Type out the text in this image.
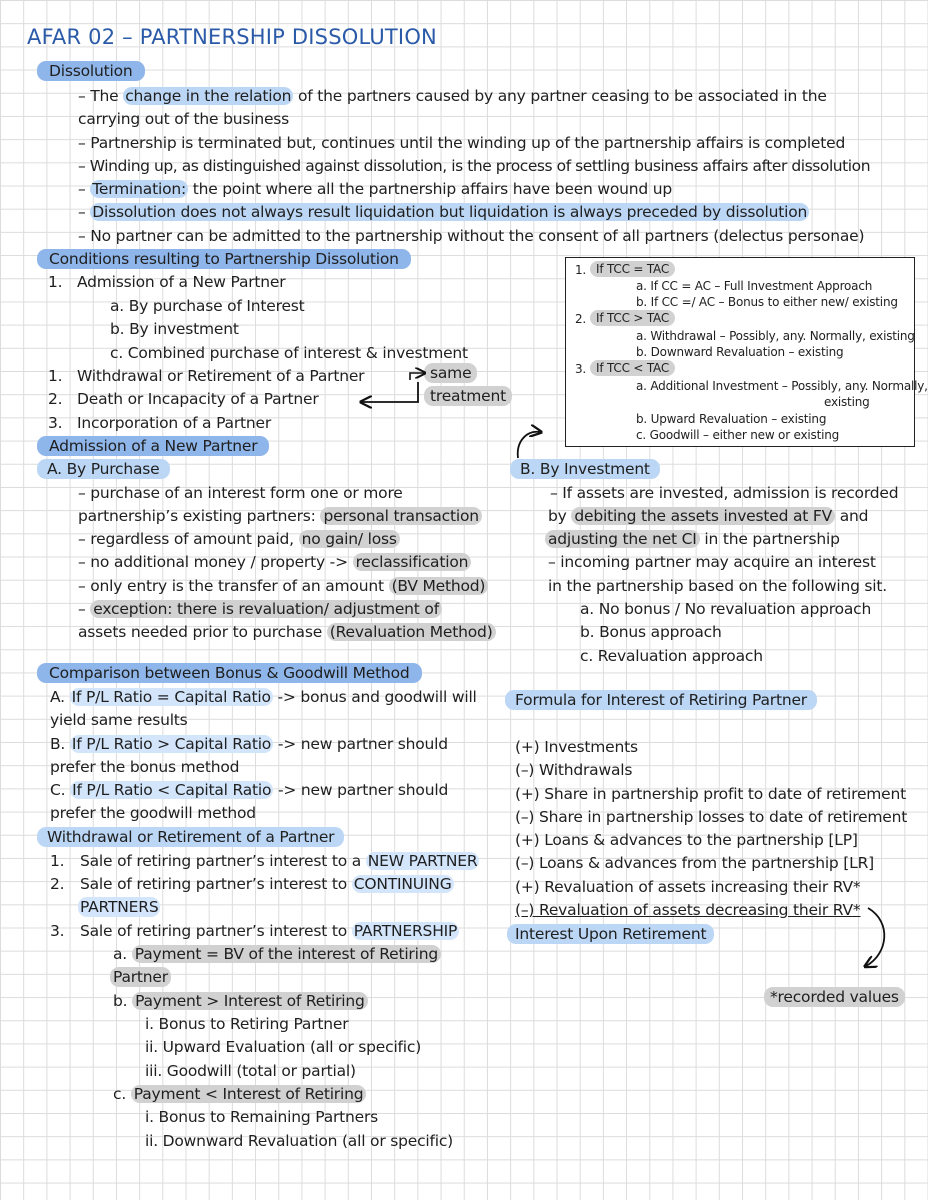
AFAR 02 – PARTNERSHIP DISSOLUTION
Dissolution
– The change in the relation of the partners caused by any partner ceasing to be associated in the
carrying out of the business
– Partnership is terminated but, continues until the winding up of the partnership affairs is completed
– Winding up, as distinguished against dissolution, is the process of settling business affairs after dissolution
– Termination: the point where all the partnership affairs have been wound up
– Dissolution does not always result liquidation but liquidation is always preceded by dissolution
– No partner can be admitted to the partnership without the consent of all partners (delectus personae)
Conditions resulting to Partnership Dissolution
1. Admission of a New Partner
a. By purchase of Interest
b. By investment
c. Combined purchase of interest & investment
1. Withdrawal or Retirement of a Partner
2. Death or Incapacity of a Partner
3. Incorporation of a Partner
same
treatment
1. If TCC = TAC
a. If CC = AC – Full Investment Approach
b. If CC =/ AC – Bonus to either new/ existing
2. If TCC > TAC
a. Withdrawal – Possibly, any. Normally, existing
b. Downward Revaluation – existing
3. If TCC < TAC
a. Additional Investment – Possibly, any. Normally,
existing
b. Upward Revaluation – existing
c. Goodwill – either new or existing
Admission of a New Partner
A. By Purchase
– purchase of an interest form one or more
partnership’s existing partners: personal transaction
– regardless of amount paid, no gain/ loss
– no additional money / property -> reclassification
– only entry is the transfer of an amount (BV Method)
– exception: there is revaluation/ adjustment of
assets needed prior to purchase (Revaluation Method)
B. By Investment
– If assets are invested, admission is recorded
by debiting the assets invested at FV and
adjusting the net CI in the partnership
– incoming partner may acquire an interest
in the partnership based on the following sit.
a. No bonus / No revaluation approach
b. Bonus approach
c. Revaluation approach
Comparison between Bonus & Goodwill Method
A. If P/L Ratio = Capital Ratio -> bonus and goodwill will
yield same results
B. If P/L Ratio > Capital Ratio -> new partner should
prefer the bonus method
C. If P/L Ratio < Capital Ratio -> new partner should
prefer the goodwill method
Withdrawal or Retirement of a Partner
1. Sale of retiring partner’s interest to a NEW PARTNER
2. Sale of retiring partner’s interest to CONTINUING
PARTNERS
3. Sale of retiring partner’s interest to PARTNERSHIP
a. Payment = BV of the interest of Retiring
Partner
b. Payment > Interest of Retiring
i. Bonus to Retiring Partner
ii. Upward Evaluation (all or specific)
iii. Goodwill (total or partial)
c. Payment < Interest of Retiring
i. Bonus to Remaining Partners
ii. Downward Revaluation (all or specific)
Formula for Interest of Retiring Partner
(+) Investments
(–) Withdrawals
(+) Share in partnership profit to date of retirement
(–) Share in partnership losses to date of retirement
(+) Loans & advances to the partnership [LP]
(–) Loans & advances from the partnership [LR]
(+) Revaluation of assets increasing their RV*
(–) Revaluation of assets decreasing their RV*
Interest Upon Retirement
*recorded values
